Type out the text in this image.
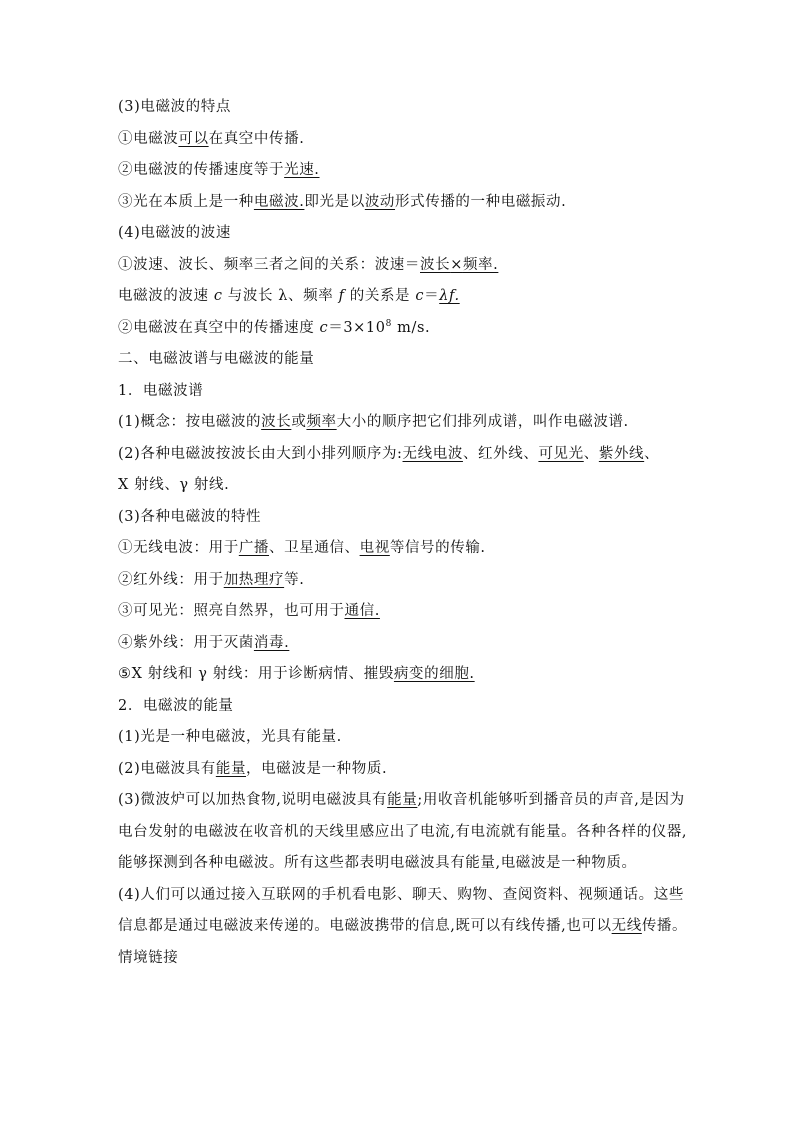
(3)电磁波的特点
①电磁波可以在真空中传播.
②电磁波的传播速度等于光速.
③光在本质上是一种电磁波.即光是以波动形式传播的一种电磁振动.
(4)电磁波的波速
①波速、波长、频率三者之间的关系：波速＝波长×频率.
电磁波的波速 c 与波长 λ、频率 f 的关系是 c＝λf.
②电磁波在真空中的传播速度 $c=3\times 10^8$ m/s.
二、电磁波谱与电磁波的能量
1．电磁波谱
(1)概念：按电磁波的波长或频率大小的顺序把它们排列成谱，叫作电磁波谱.
(2)各种电磁波按波长由大到小排列顺序为:无线电波、红外线、可见光、紫外线、
X 射线、γ 射线.
(3)各种电磁波的特性
①无线电波：用于广播、卫星通信、电视等信号的传输.
②红外线：用于加热理疗等.
③可见光：照亮自然界，也可用于通信.
④紫外线：用于灭菌消毒.
⑤X 射线和 γ 射线：用于诊断病情、摧毁病变的细胞.
2．电磁波的能量
(1)光是一种电磁波，光具有能量.
(2)电磁波具有能量，电磁波是一种物质.
(3)微波炉可以加热食物,说明电磁波具有能量;用收音机能够听到播音员的声音,是因为电台发射的电磁波在收音机的天线里感应出了电流,有电流就有能量。各种各样的仪器,能够探测到各种电磁波。所有这些都表明电磁波具有能量,电磁波是一种物质。
(4)人们可以通过接入互联网的手机看电影、聊天、购物、查阅资料、视频通话。这些信息都是通过电磁波来传递的。电磁波携带的信息,既可以有线传播,也可以无线传播。
情境链接
